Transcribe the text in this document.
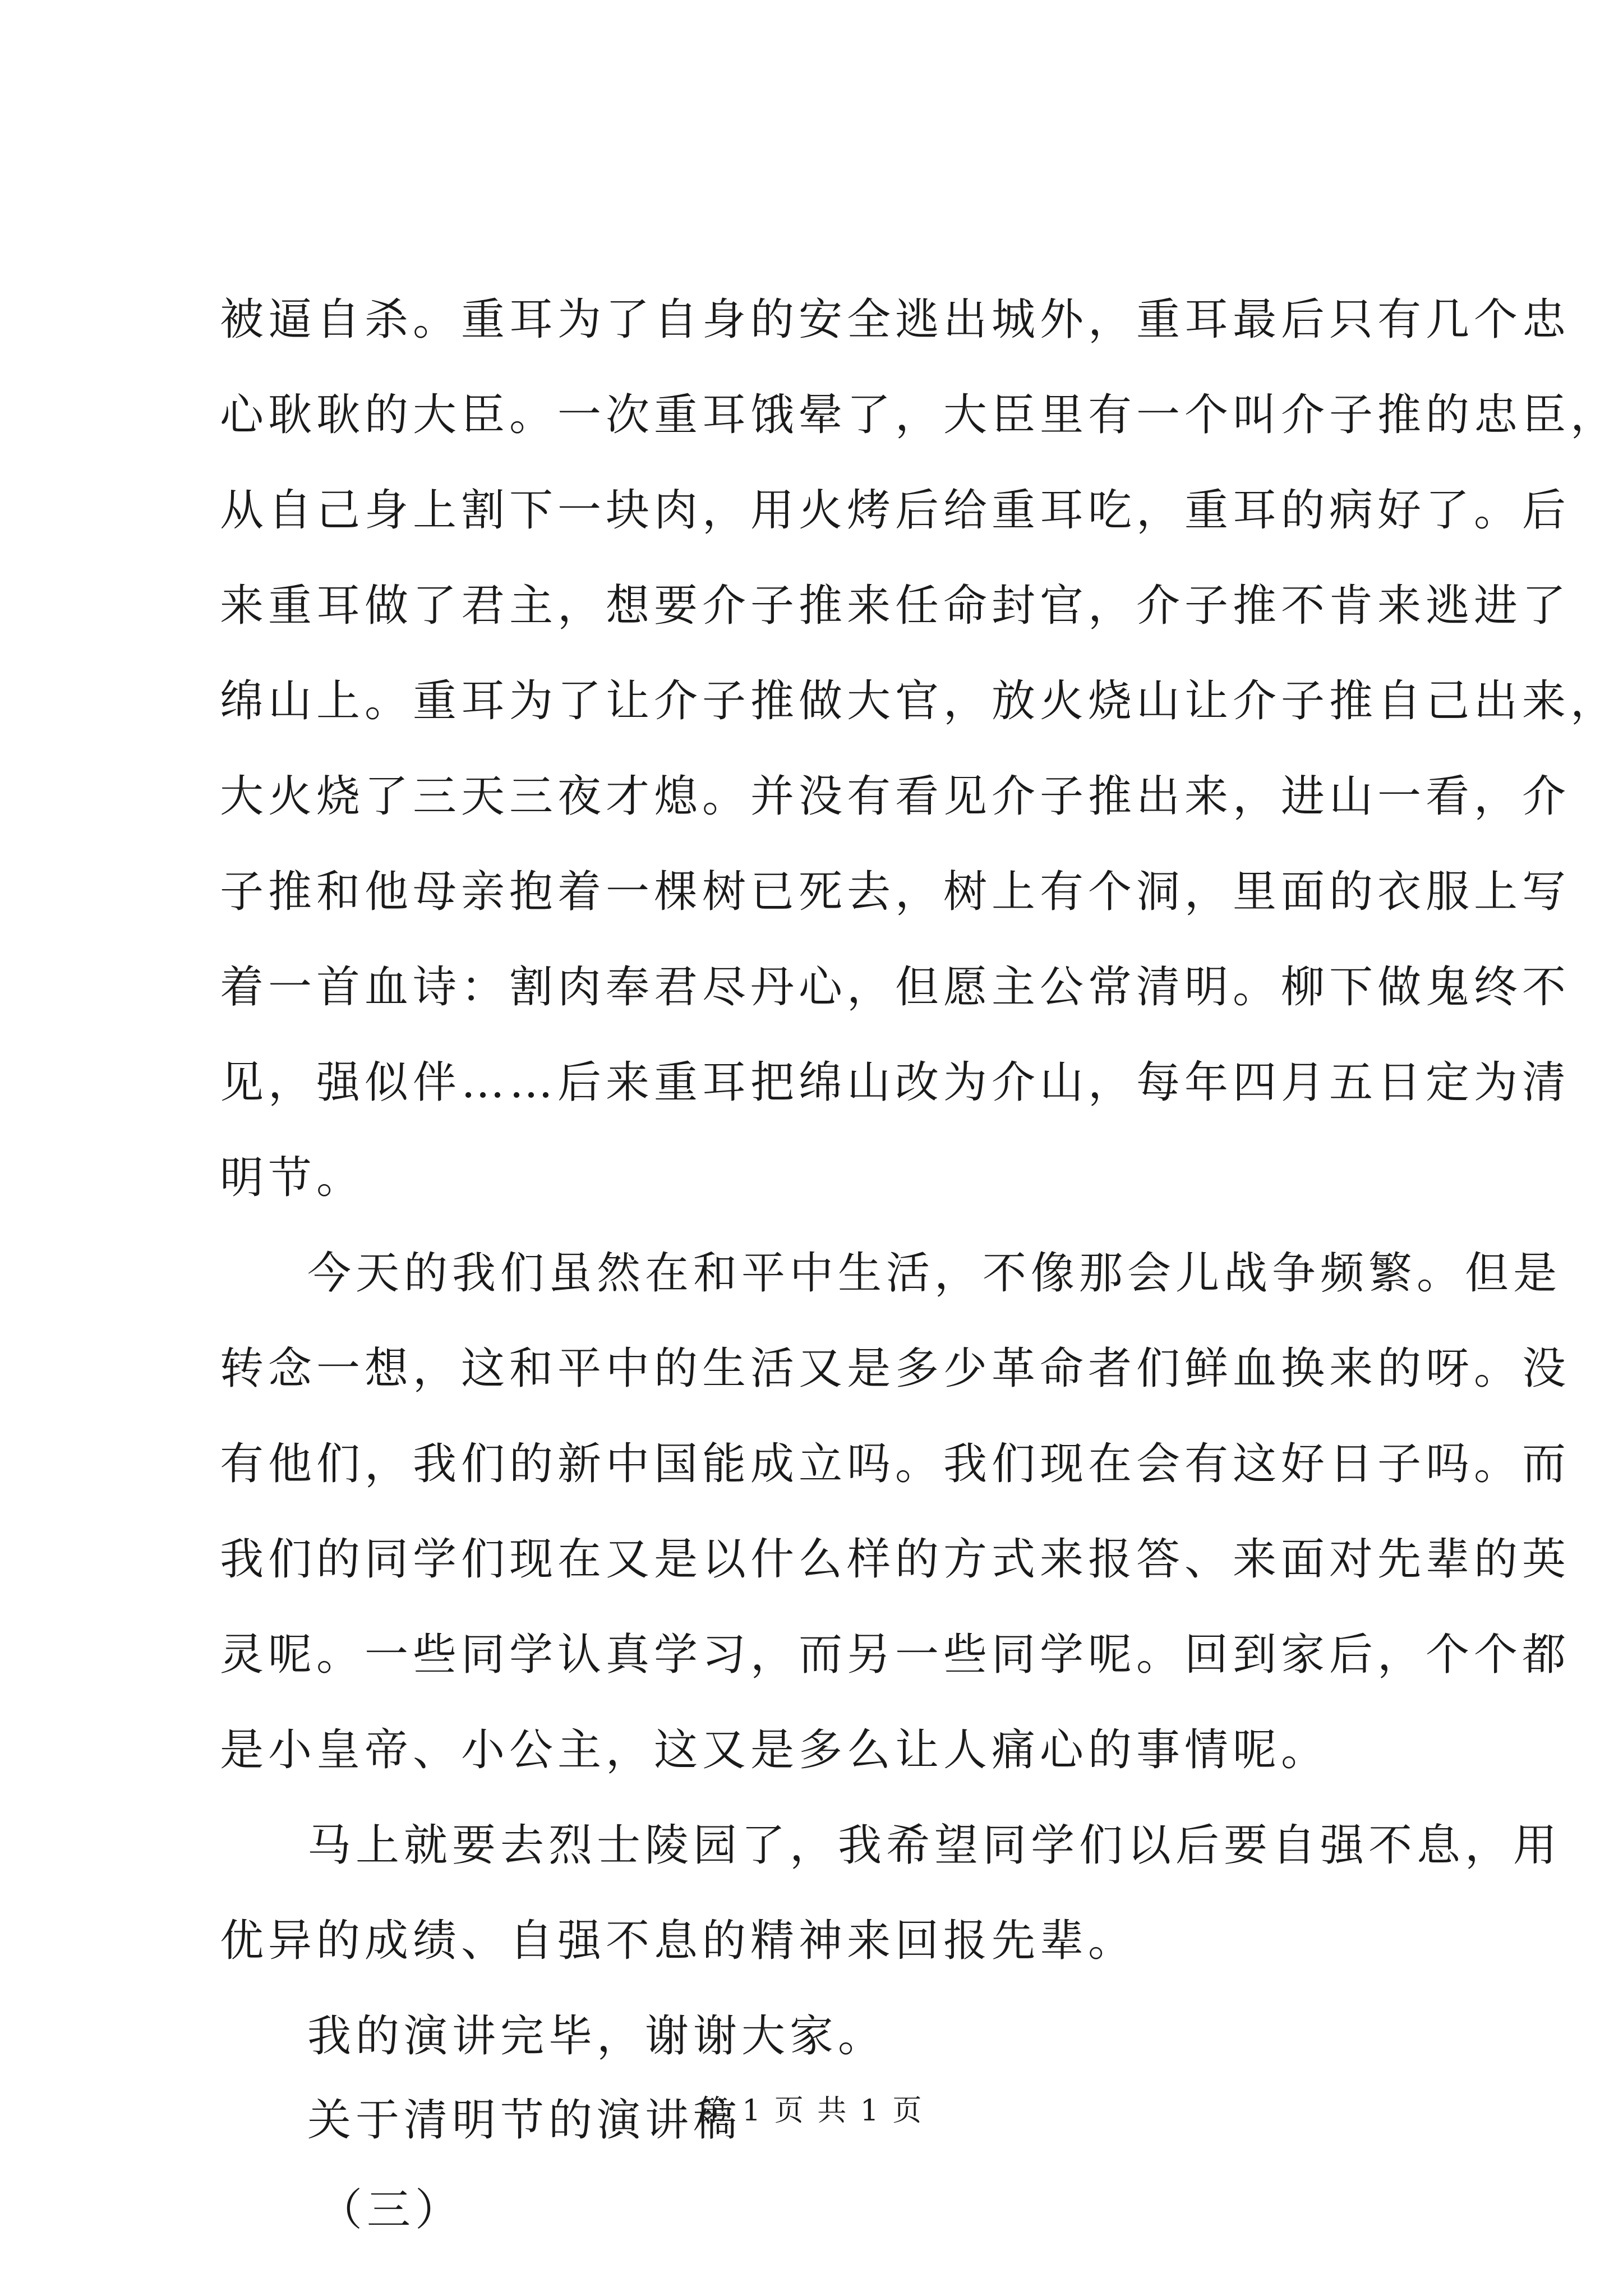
被逼自杀。重耳为了自身的安全逃出城外，重耳最后只有几个忠
心耿耿的大臣。一次重耳饿晕了，大臣里有一个叫介子推的忠臣，
从自己身上割下一块肉，用火烤后给重耳吃，重耳的病好了。后
来重耳做了君主，想要介子推来任命封官，介子推不肯来逃进了
绵山上。重耳为了让介子推做大官，放火烧山让介子推自己出来，
大火烧了三天三夜才熄。并没有看见介子推出来，进山一看，介
子推和他母亲抱着一棵树已死去，树上有个洞，里面的衣服上写
着一首血诗：割肉奉君尽丹心，但愿主公常清明。柳下做鬼终不
见，强似伴……后来重耳把绵山改为介山，每年四月五日定为清
明节。
今天的我们虽然在和平中生活，不像那会儿战争频繁。但是
转念一想，这和平中的生活又是多少革命者们鲜血换来的呀。没
有他们，我们的新中国能成立吗。我们现在会有这好日子吗。而
我们的同学们现在又是以什么样的方式来报答、来面对先辈的英
灵呢。一些同学认真学习，而另一些同学呢。回到家后，个个都
是小皇帝、小公主，这又是多么让人痛心的事情呢。
马上就要去烈士陵园了，我希望同学们以后要自强不息，用
优异的成绩、自强不息的精神来回报先辈。
我的演讲完毕，谢谢大家。
关于清明节的演讲稿
（三）
第 1 页 共 1 页
